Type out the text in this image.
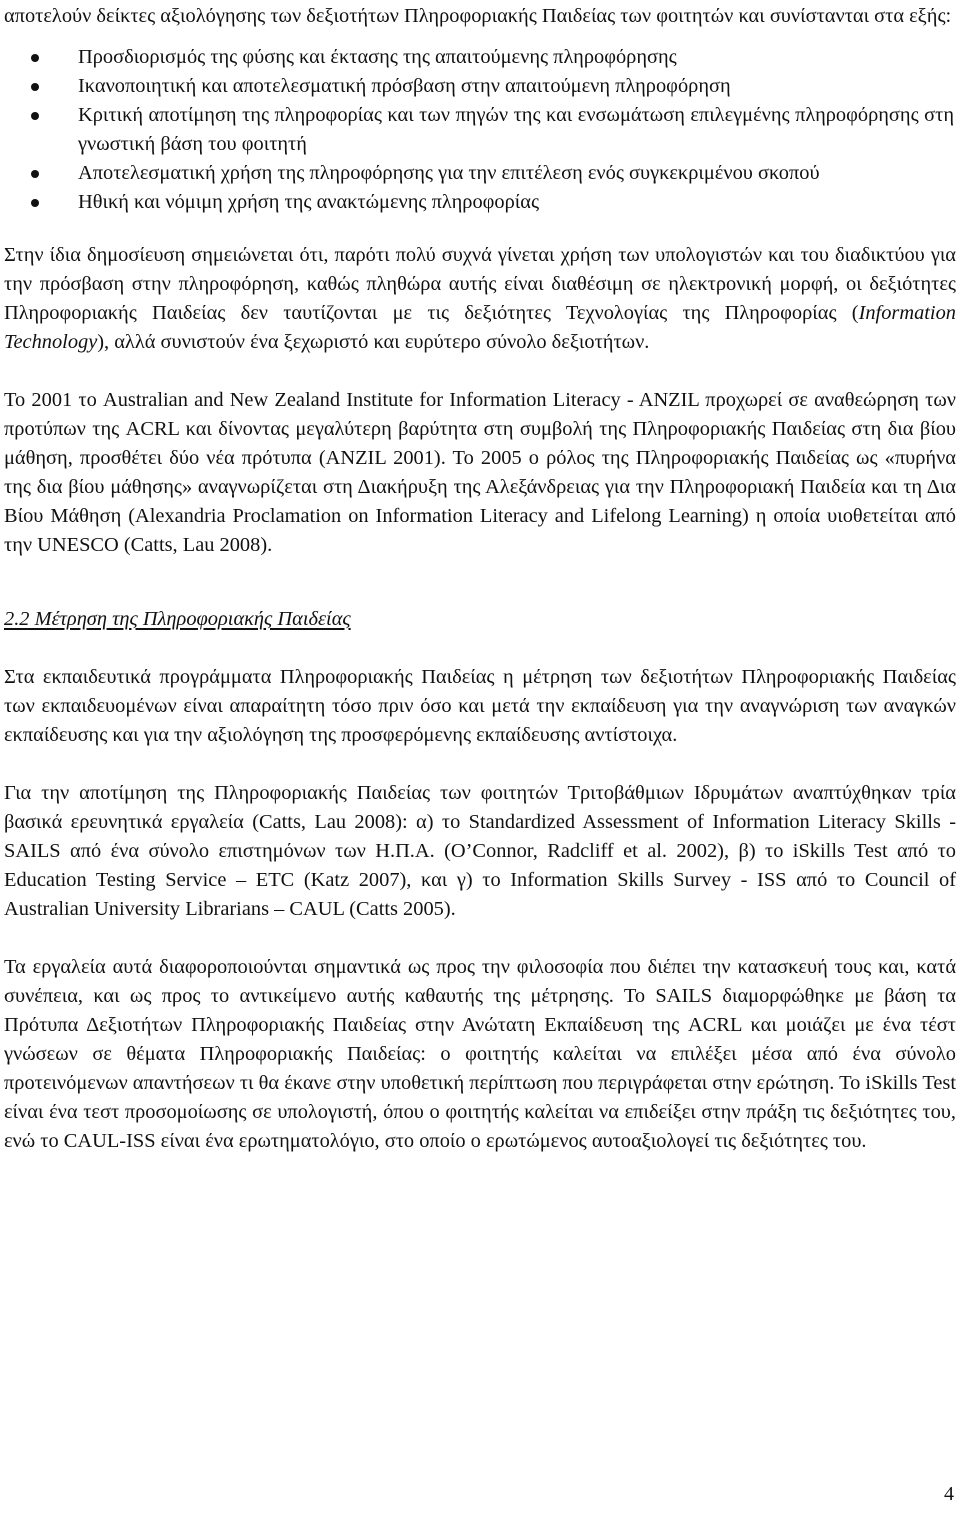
αποτελούν δείκτες αξιολόγησης των δεξιοτήτων Πληροφοριακής Παιδείας των φοιτητών και συνίστανται στα εξής:

Προσδιορισμός της φύσης και έκτασης της απαιτούμενης πληροφόρησης
Ικανοποιητική και αποτελεσματική πρόσβαση στην απαιτούμενη πληροφόρηση
Κριτική αποτίμηση της πληροφορίας και των πηγών της και ενσωμάτωση επιλεγμένης πληροφόρησης στη γνωστική βάση του φοιτητή
Αποτελεσματική χρήση της πληροφόρησης για την επιτέλεση ενός συγκεκριμένου σκοπού
Ηθική και νόμιμη χρήση της ανακτώμενης πληροφορίας

Στην ίδια δημοσίευση σημειώνεται ότι, παρότι πολύ συχνά γίνεται χρήση των υπολογιστών και του διαδικτύου για την πρόσβαση στην πληροφόρηση, καθώς πληθώρα αυτής είναι διαθέσιμη σε ηλεκτρονική μορφή, οι δεξιότητες Πληροφοριακής Παιδείας δεν ταυτίζονται με τις δεξιότητες Τεχνολογίας της Πληροφορίας (Information Technology), αλλά συνιστούν ένα ξεχωριστό και ευρύτερο σύνολο δεξιοτήτων.

Το 2001 το Australian and New Zealand Institute for Information Literacy - ANZIL προχωρεί σε αναθεώρηση των προτύπων της ACRL και δίνοντας μεγαλύτερη βαρύτητα στη συμβολή της Πληροφοριακής Παιδείας στη δια βίου μάθηση, προσθέτει δύο νέα πρότυπα (ANZIL 2001). Το 2005 ο ρόλος της Πληροφοριακής Παιδείας ως «πυρήνα της δια βίου μάθησης» αναγνωρίζεται στη Διακήρυξη της Αλεξάνδρειας για την Πληροφοριακή Παιδεία και τη Δια Βίου Μάθηση (Alexandria Proclamation on Information Literacy and Lifelong Learning) η οποία υιοθετείται από την UNESCO (Catts, Lau 2008).

2.2 Μέτρηση της Πληροφοριακής Παιδείας

Στα εκπαιδευτικά προγράμματα Πληροφοριακής Παιδείας η μέτρηση των δεξιοτήτων Πληροφοριακής Παιδείας των εκπαιδευομένων είναι απαραίτητη τόσο πριν όσο και μετά την εκπαίδευση για την αναγνώριση των αναγκών εκπαίδευσης και για την αξιολόγηση της προσφερόμενης εκπαίδευσης αντίστοιχα.

Για την αποτίμηση της Πληροφοριακής Παιδείας των φοιτητών Τριτοβάθμιων Ιδρυμάτων αναπτύχθηκαν τρία βασικά ερευνητικά εργαλεία (Catts, Lau 2008): α) το Standardized Assessment of Information Literacy Skills - SAILS από ένα σύνολο επιστημόνων των Η.Π.Α. (O’Connor, Radcliff et al. 2002), β) το iSkills Test από το Education Testing Service – ETC (Katz 2007), και γ) το Information Skills Survey - ISS από το Council of Australian University Librarians – CAUL (Catts 2005).

Τα εργαλεία αυτά διαφοροποιούνται σημαντικά ως προς την φιλοσοφία που διέπει την κατασκευή τους και, κατά συνέπεια, και ως προς το αντικείμενο αυτής καθαυτής της μέτρησης. Το SAILS διαμορφώθηκε με βάση τα Πρότυπα Δεξιοτήτων Πληροφοριακής Παιδείας στην Ανώτατη Εκπαίδευση της ACRL και μοιάζει με ένα τέστ γνώσεων σε θέματα Πληροφοριακής Παιδείας: ο φοιτητής καλείται να επιλέξει μέσα από ένα σύνολο προτεινόμενων απαντήσεων τι θα έκανε στην υποθετική περίπτωση που περιγράφεται στην ερώτηση. Το iSkills Test είναι ένα τεστ προσομοίωσης σε υπολογιστή, όπου ο φοιτητής καλείται να επιδείξει στην πράξη τις δεξιότητες του, ενώ το CAUL-ISS είναι ένα ερωτηματολόγιο, στο οποίο ο ερωτώμενος αυτοαξιολογεί τις δεξιότητες του.

4
